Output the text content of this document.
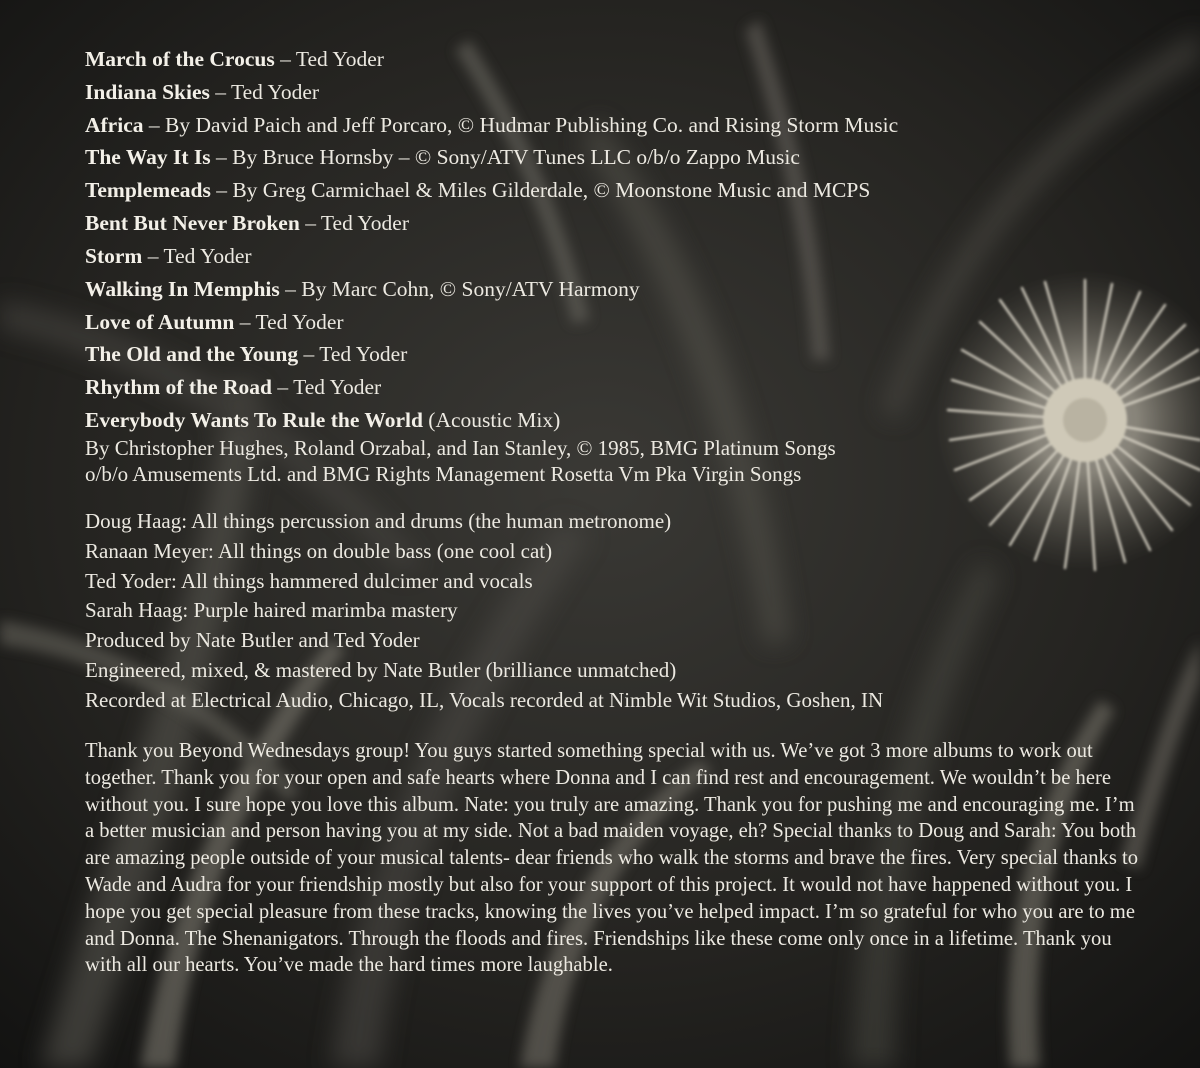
March of the Crocus – Ted Yoder
Indiana Skies – Ted Yoder
Africa – By David Paich and Jeff Porcaro, © Hudmar Publishing Co. and Rising Storm Music
The Way It Is – By Bruce Hornsby – © Sony/ATV Tunes LLC o/b/o Zappo Music
Templemeads – By Greg Carmichael & Miles Gilderdale, © Moonstone Music and MCPS
Bent But Never Broken – Ted Yoder
Storm – Ted Yoder
Walking In Memphis – By Marc Cohn, © Sony/ATV Harmony
Love of Autumn – Ted Yoder
The Old and the Young – Ted Yoder
Rhythm of the Road – Ted Yoder
Everybody Wants To Rule the World (Acoustic Mix)
By Christopher Hughes, Roland Orzabal, and Ian Stanley, © 1985, BMG Platinum Songs
o/b/o Amusements Ltd. and BMG Rights Management Rosetta Vm Pka Virgin Songs
Doug Haag: All things percussion and drums (the human metronome)
Ranaan Meyer: All things on double bass (one cool cat)
Ted Yoder: All things hammered dulcimer and vocals
Sarah Haag: Purple haired marimba mastery
Produced by Nate Butler and Ted Yoder
Engineered, mixed, & mastered by Nate Butler (brilliance unmatched)
Recorded at Electrical Audio, Chicago, IL, Vocals recorded at Nimble Wit Studios, Goshen, IN
Thank you Beyond Wednesdays group! You guys started something special with us. We’ve got 3 more albums to work out together. Thank you for your open and safe hearts where Donna and I can find rest and encouragement. We wouldn’t be here without you. I sure hope you love this album. Nate: you truly are amazing. Thank you for pushing me and encouraging me. I’m a better musician and person having you at my side. Not a bad maiden voyage, eh? Special thanks to Doug and Sarah: You both are amazing people outside of your musical talents- dear friends who walk the storms and brave the fires. Very special thanks to Wade and Audra for your friendship mostly but also for your support of this project. It would not have happened without you. I hope you get special pleasure from these tracks, knowing the lives you’ve helped impact. I’m so grateful for who you are to me and Donna. The Shenanigators. Through the floods and fires. Friendships like these come only once in a lifetime. Thank you with all our hearts. You’ve made the hard times more laughable.
